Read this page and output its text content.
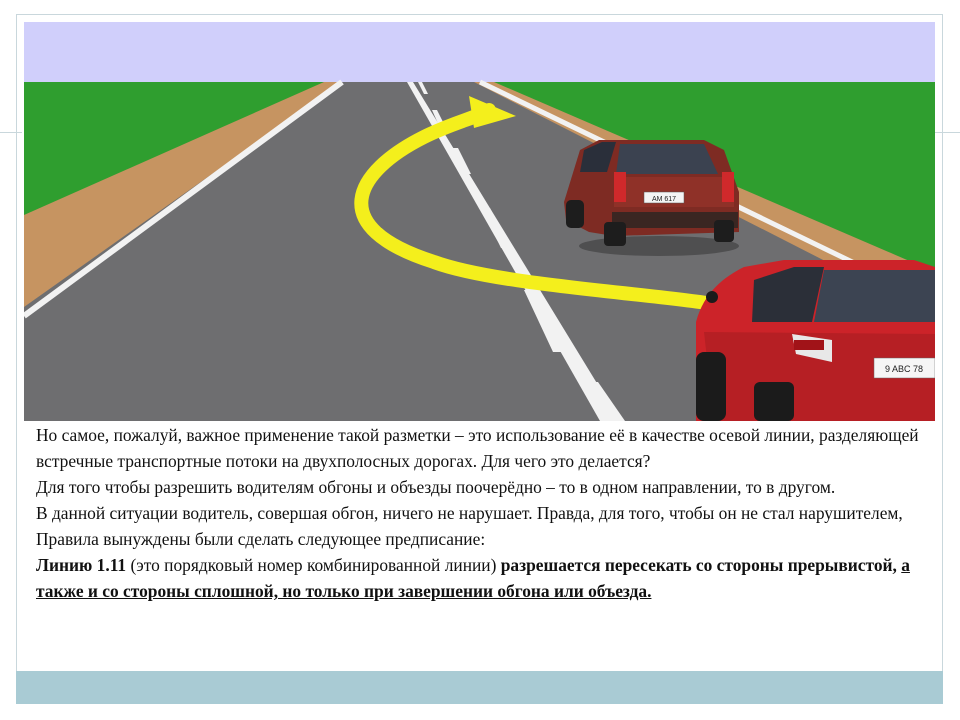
AM 617
9 ABC 78

Но самое, пожалуй, важное применение такой разметки – это использование её в качестве осевой линии, разделяющей встречные транспортные потоки на двухполосных дорогах. Для чего это делается?

Для того чтобы разрешить водителям обгоны и объезды поочерёдно – то в одном направлении, то в другом.

В данной ситуации водитель, совершая обгон, ничего не нарушает. Правда, для того, чтобы он не стал нарушителем, Правила вынуждены были сделать следующее предписание:

Линию 1.11 (это порядковый номер комбинированной линии) разрешается пересекать со стороны прерывистой, а также и со стороны сплошной, но только при завершении обгона или объезда.
